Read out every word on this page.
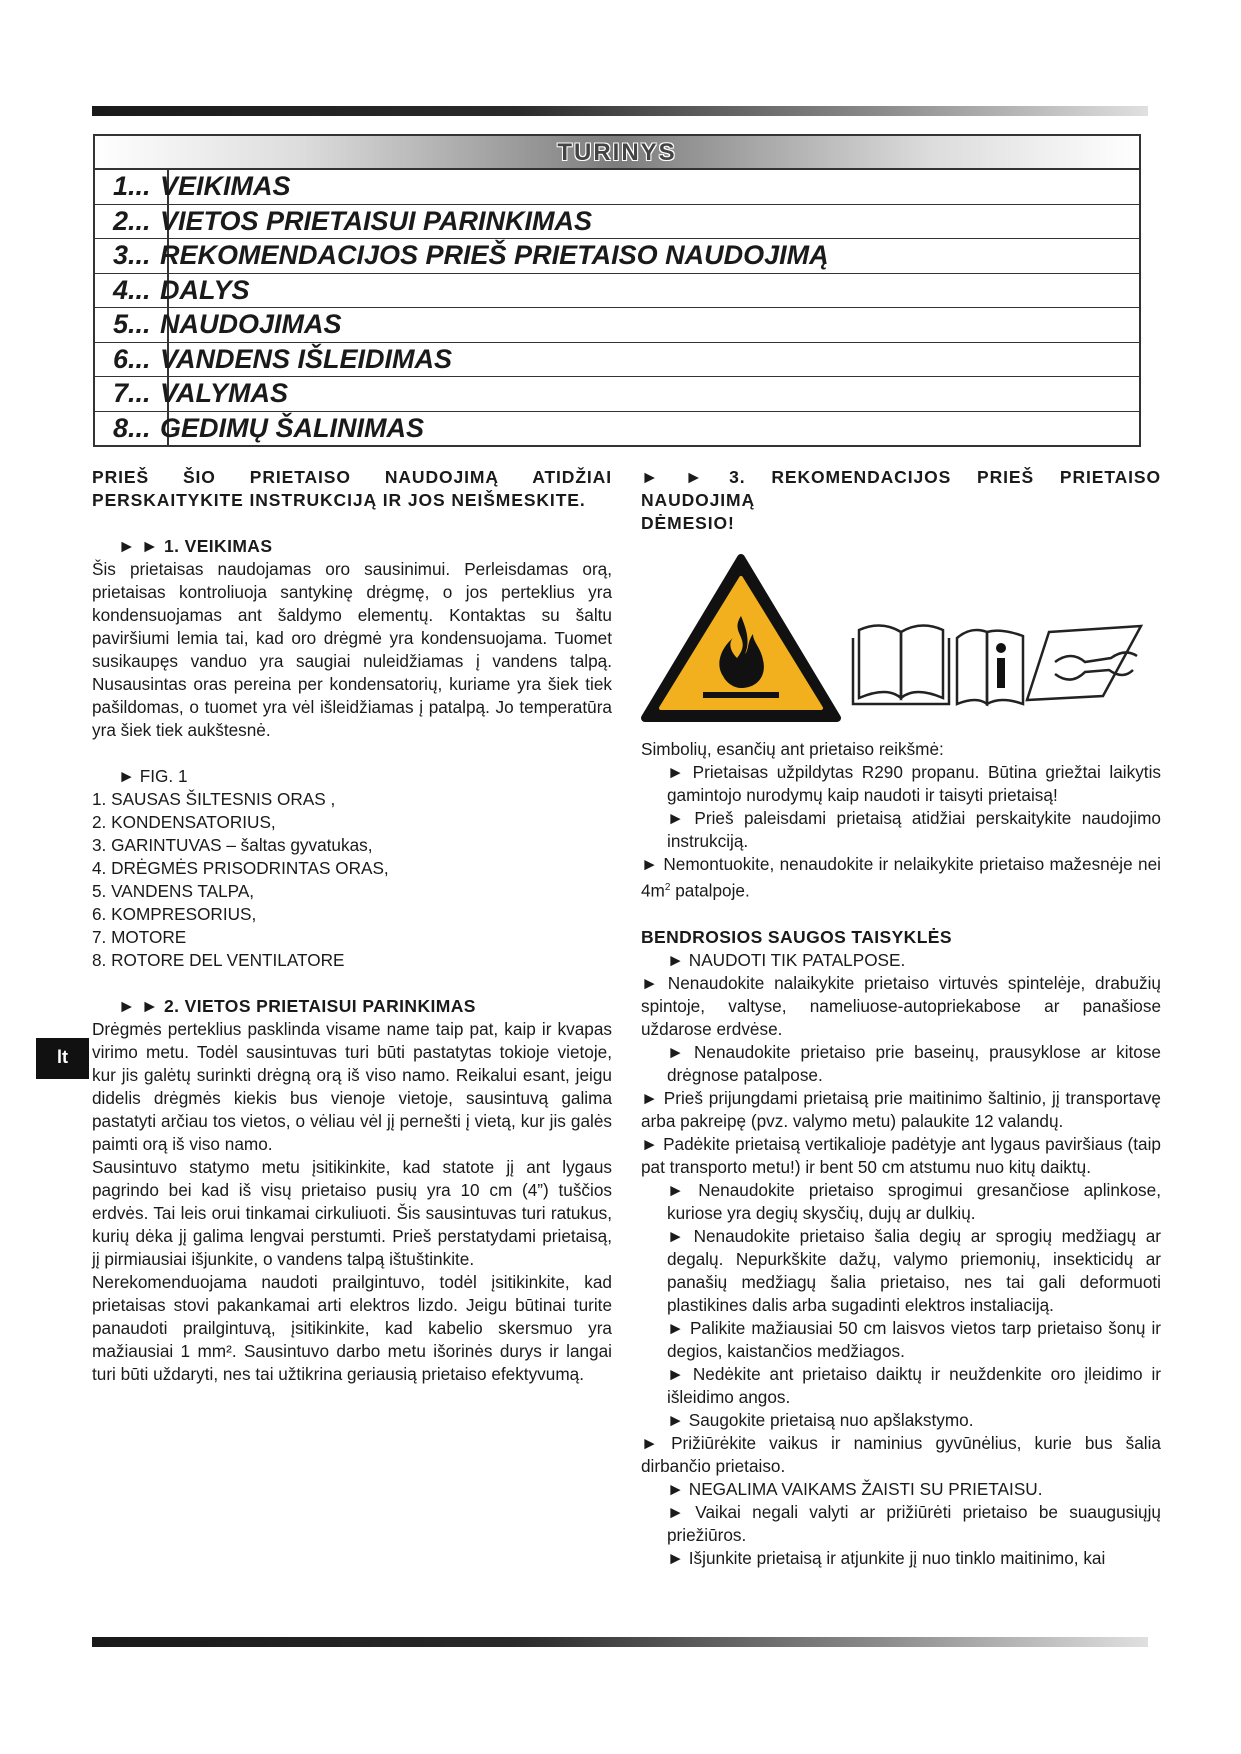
TURINYS
1... VEIKIMAS
2... VIETOS PRIETAISUI PARINKIMAS
3... REKOMENDACIJOS PRIEŠ PRIETAISO NAUDOJIMĄ
4... DALYS
5... NAUDOJIMAS
6... VANDENS IŠLEIDIMAS
7... VALYMAS
8... GEDIMŲ ŠALINIMAS

PRIEŠ ŠIO PRIETAISO NAUDOJIMĄ ATIDŽIAI PERSKAITYKITE INSTRUKCIJĄ IR JOS NEIŠMESKITE.

► ► 1. VEIKIMAS

Šis prietaisas naudojamas oro sausinimui. Perleisdamas orą, prietaisas kontroliuoja santykinę drėgmę, o jos perteklius yra kondensuojamas ant šaldymo elementų. Kontaktas su šaltu paviršiumi lemia tai, kad oro drėgmė yra kondensuojama. Tuomet susikaupęs vanduo yra saugiai nuleidžiamas į vandens talpą. Nusausintas oras pereina per kondensatorių, kuriame yra šiek tiek pašildomas, o tuomet yra vėl išleidžiamas į patalpą. Jo temperatūra yra šiek tiek aukštesnė.

► FIG. 1

1. SAUSAS ŠILTESNIS ORAS ,

2. KONDENSATORIUS,

3. GARINTUVAS – šaltas gyvatukas,

4. DRĖGMĖS PRISODRINTAS ORAS,

5. VANDENS TALPA,

6. KOMPRESORIUS,

7. MOTORE

8. ROTORE DEL VENTILATORE

► ► 2. VIETOS PRIETAISUI PARINKIMAS

Drėgmės perteklius pasklinda visame name taip pat, kaip ir kvapas virimo metu. Todėl sausintuvas turi būti pastatytas tokioje vietoje, kur jis galėtų surinkti drėgną orą iš viso namo. Reikalui esant, jeigu didelis drėgmės kiekis bus vienoje vietoje, sausintuvą galima pastatyti arčiau tos vietos, o vėliau vėl jį pernešti į vietą, kur jis galės paimti orą iš viso namo.

Sausintuvo statymo metu įsitikinkite, kad statote jį ant lygaus pagrindo bei kad iš visų prietaiso pusių yra 10 cm (4”) tuščios erdvės. Tai leis orui tinkamai cirkuliuoti. Šis sausintuvas turi ratukus, kurių dėka jį galima lengvai perstumti. Prieš perstatydami prietaisą, jį pirmiausiai išjunkite, o vandens talpą ištuštinkite.

Nerekomenduojama naudoti prailgintuvo, todėl įsitikinkite, kad prietaisas stovi pakankamai arti elektros lizdo. Jeigu būtinai turite panaudoti prailgintuvą, įsitikinkite, kad kabelio skersmuo yra mažiausiai 1 mm². Sausintuvo darbo metu išorinės durys ir langai turi būti uždaryti, nes tai užtikrina geriausią prietaiso efektyvumą.

lt

► ► 3. REKOMENDACIJOS PRIEŠ PRIETAISO NAUDOJIMĄ
DĖMESIO!

Simbolių, esančių ant prietaiso reikšmė:

► Prietaisas užpildytas R290 propanu. Būtina griežtai laikytis gamintojo nurodymų kaip naudoti ir taisyti prietaisą!

► Prieš paleisdami prietaisą atidžiai perskaitykite naudojimo instrukciją.

► Nemontuokite, nenaudokite ir nelaikykite prietaiso mažesnėje nei $4m^2$ patalpoje.

BENDROSIOS SAUGOS TAISYKLĖS

► NAUDOTI TIK PATALPOSE.

► Nenaudokite nalaikykite prietaiso virtuvės spintelėje, drabužių spintoje, valtyse, nameliuose-autopriekabose ar panašiose uždarose erdvėse.

► Nenaudokite prietaiso prie baseinų, prausyklose ar kitose drėgnose patalpose.

► Prieš prijungdami prietaisą prie maitinimo šaltinio, jį transportavę arba pakreipę (pvz. valymo metu) palaukite 12 valandų.

► Padėkite prietaisą vertikalioje padėtyje ant lygaus paviršiaus (taip pat transporto metu!) ir bent 50 cm atstumu nuo kitų daiktų.

► Nenaudokite prietaiso sprogimui gresančiose aplinkose, kuriose yra degių skysčių, dujų ar dulkių.

► Nenaudokite prietaiso šalia degių ar sprogių medžiagų ar degalų. Nepurkškite dažų, valymo priemonių, insekticidų ar panašių medžiagų šalia prietaiso, nes tai gali deformuoti plastikines dalis arba sugadinti elektros instaliaciją.

► Palikite mažiausiai 50 cm laisvos vietos tarp prietaiso šonų ir degios, kaistančios medžiagos.

► Nedėkite ant prietaiso daiktų ir neuždenkite oro įleidimo ir išleidimo angos.

► Saugokite prietaisą nuo apšlakstymo.

► Prižiūrėkite vaikus ir naminius gyvūnėlius, kurie bus šalia dirbančio prietaiso.

► NEGALIMA VAIKAMS ŽAISTI SU PRIETAISU.

► Vaikai negali valyti ar prižiūrėti prietaiso be suaugusiųjų priežiūros.

► Išjunkite prietaisą ir atjunkite jį nuo tinklo maitinimo, kai
